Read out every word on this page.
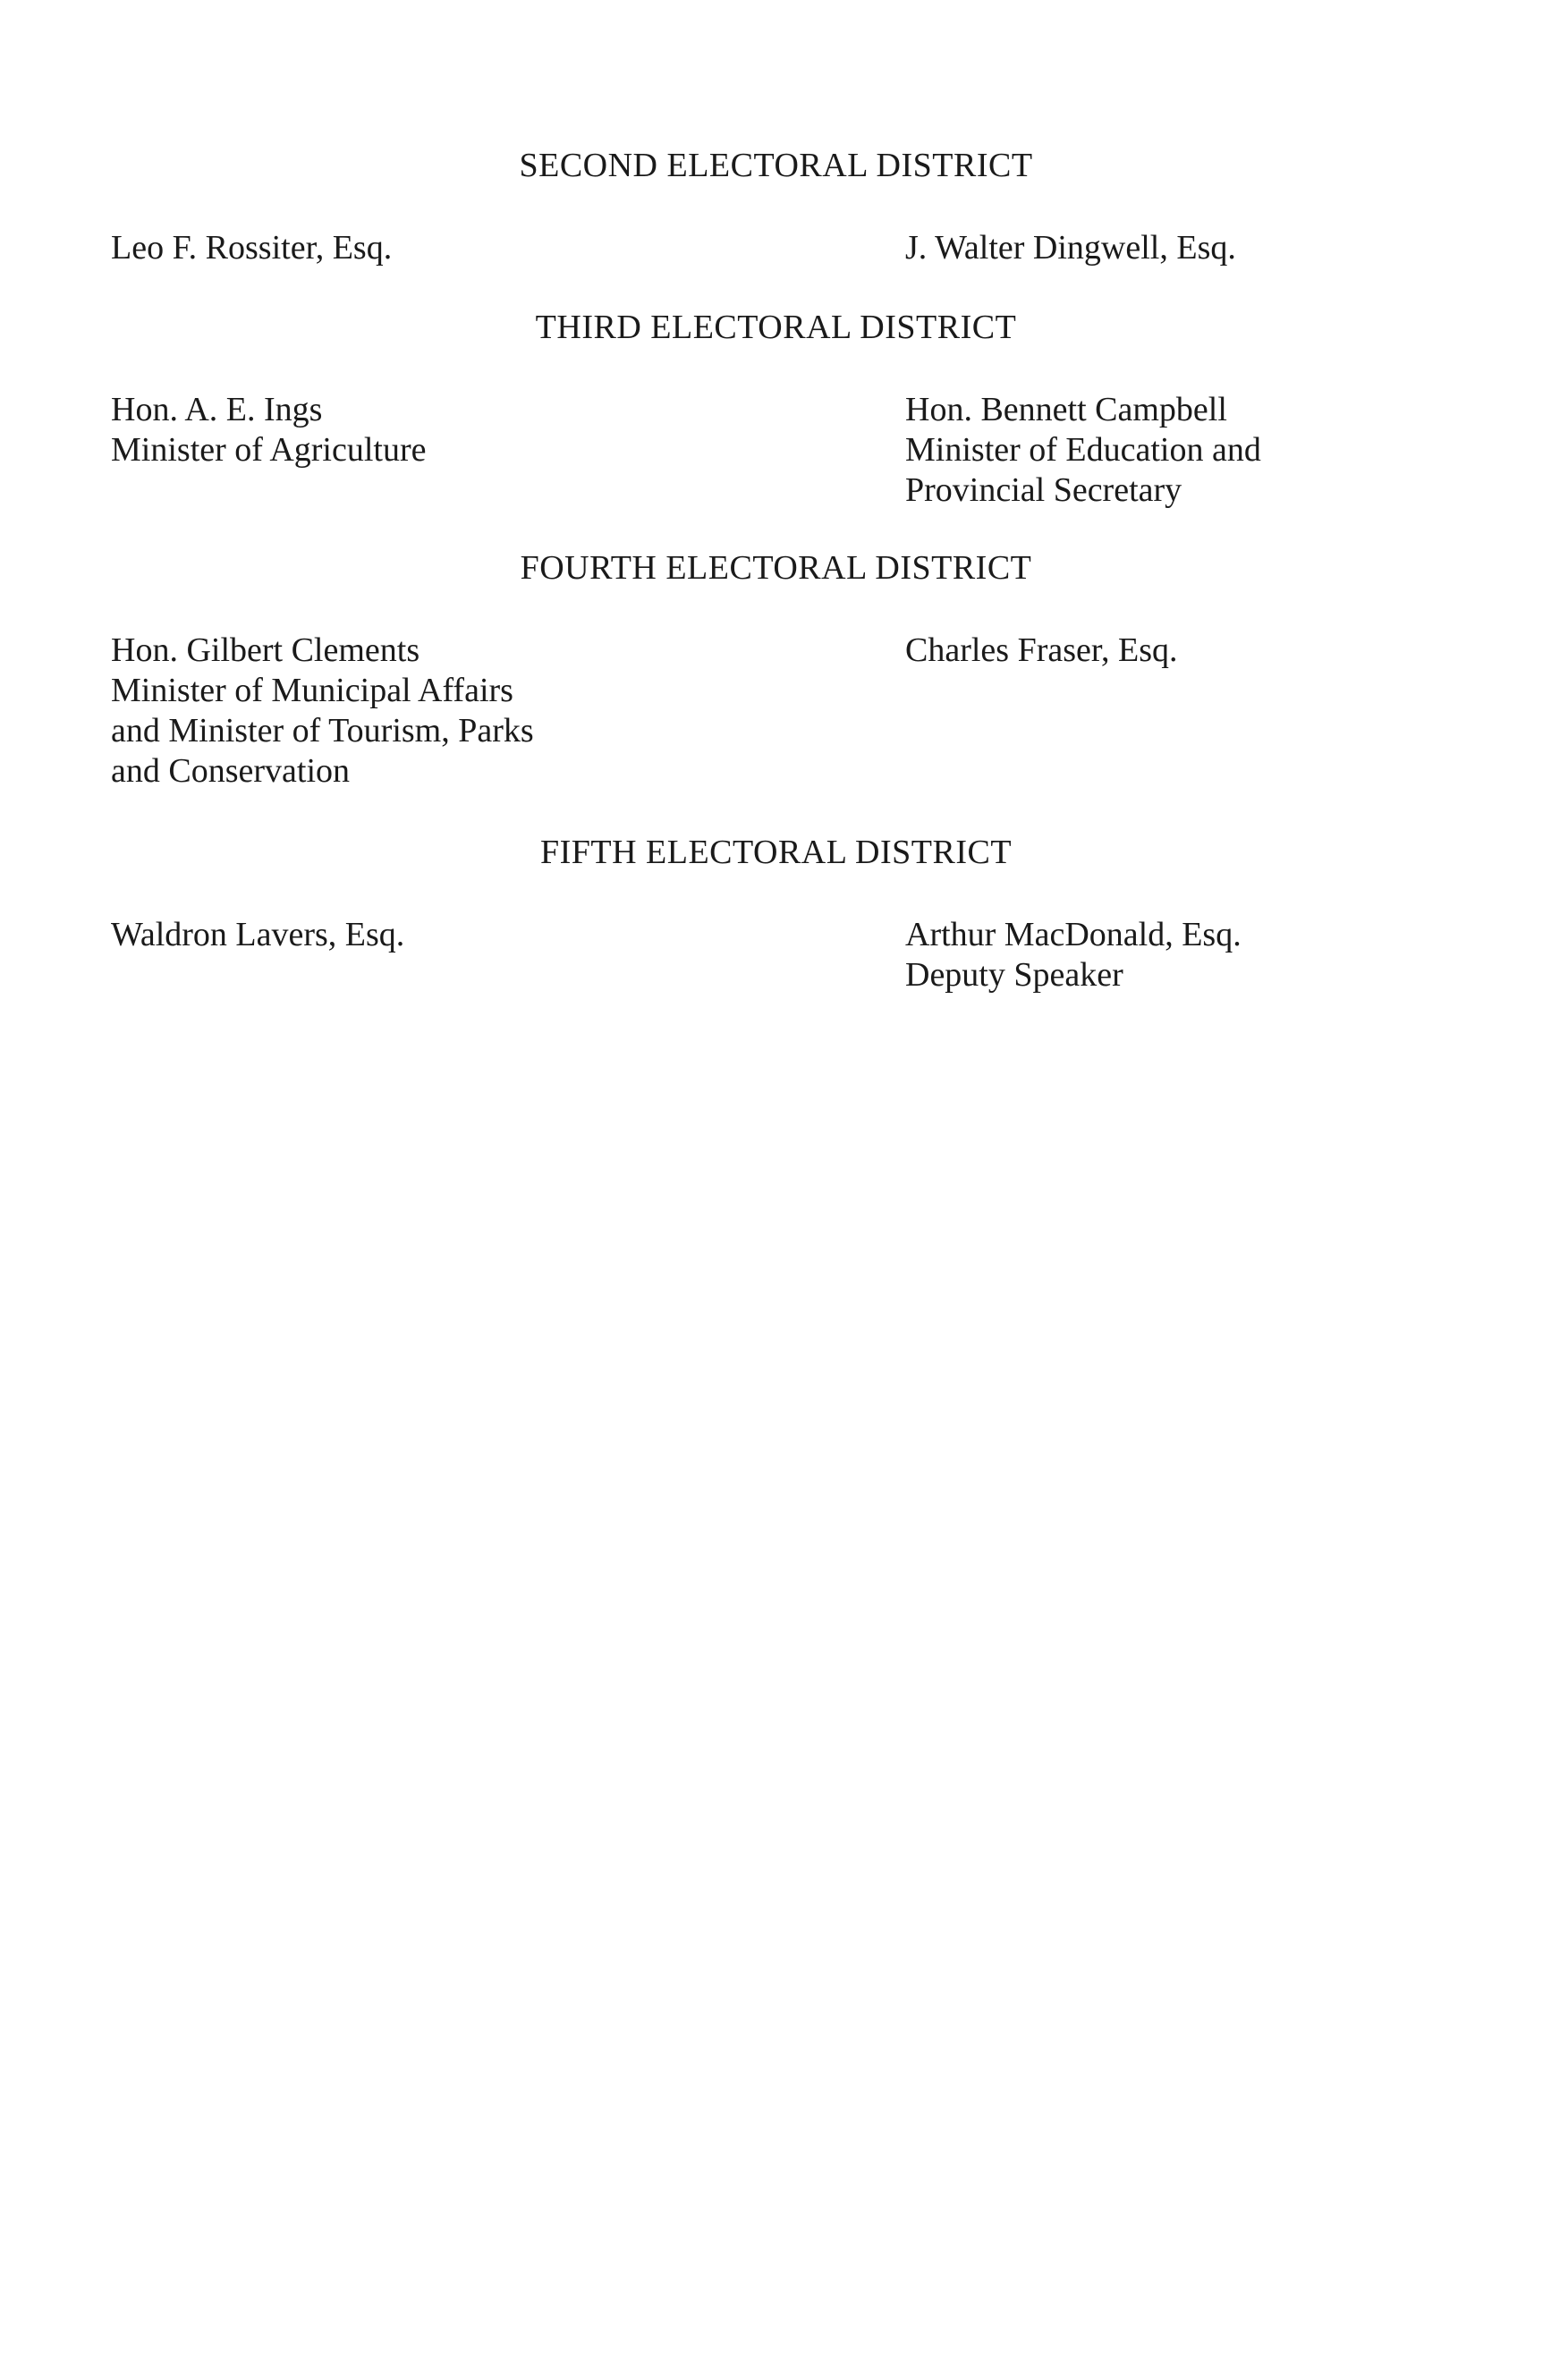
SECOND ELECTORAL DISTRICT
Leo F. Rossiter, Esq.	J. Walter Dingwell, Esq.
THIRD ELECTORAL DISTRICT
Hon. A. E. Ings
Minister of Agriculture
Hon. Bennett Campbell
Minister of Education and
Provincial Secretary
FOURTH ELECTORAL DISTRICT
Hon. Gilbert Clements
Minister of Municipal Affairs
and Minister of Tourism, Parks
and Conservation
Charles Fraser, Esq.
FIFTH ELECTORAL DISTRICT
Waldron Lavers, Esq.	Arthur MacDonald, Esq.
Deputy Speaker
